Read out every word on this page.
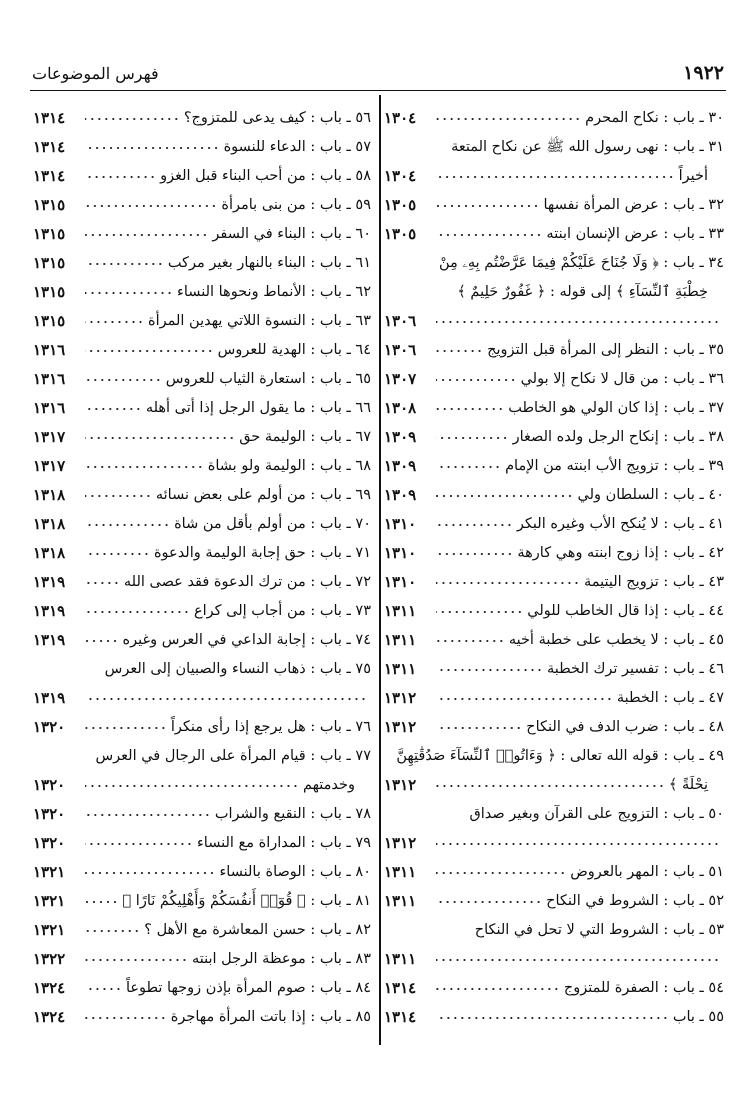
١٩٢٢
فهرس الموضوعات
٣٠ ـ باب : نكاح المحرم
١٣٠٤
٣١ ـ باب : نهى رسول الله ﷺ عن نكاح المتعة
أخيراً
١٣٠٤
٣٢ ـ باب : عرض المرأة نفسها
١٣٠٥
٣٣ ـ باب : عرض الإنسان ابنته
١٣٠٥
٣٤ ـ باب : ﴿ وَلَا جُنَاحَ عَلَيْكُمْ فِيمَا عَرَّضْتُم بِهِۦ مِنْ
خِطْبَةِ ٱلنِّسَآءِ ﴾ إلى قوله : ﴿ غَفُورٌ حَلِيمٌ ﴾
١٣٠٦
٣٥ ـ باب : النظر إلى المرأة قبل التزويج
١٣٠٦
٣٦ ـ باب : من قال لا نكاح إلا بولي
١٣٠٧
٣٧ ـ باب : إذا كان الولي هو الخاطب
١٣٠٨
٣٨ ـ باب : إنكاح الرجل ولده الصغار
١٣٠٩
٣٩ ـ باب : تزويج الأب ابنته من الإمام
١٣٠٩
٤٠ ـ باب : السلطان ولي
١٣٠٩
٤١ ـ باب : لا يُنكح الأب وغيره البكر
١٣١٠
٤٢ ـ باب : إذا زوج ابنته وهي كارهة
١٣١٠
٤٣ ـ باب : تزويج اليتيمة
١٣١٠
٤٤ ـ باب : إذا قال الخاطب للولي
١٣١١
٤٥ ـ باب : لا يخطب على خطبة أخيه
١٣١١
٤٦ ـ باب : تفسير ترك الخطبة
١٣١١
٤٧ ـ باب : الخطبة
١٣١٢
٤٨ ـ باب : ضرب الدف في النكاح
١٣١٢
٤٩ ـ باب : قوله الله تعالى : ﴿ وَءَاتُوا۟ ٱلنِّسَآءَ صَدُقَٰتِهِنَّ
نِحْلَةً ﴾
١٣١٢
٥٠ ـ باب : التزويج على القرآن وبغير صداق
١٣١٢
٥١ ـ باب : المهر بالعروض
١٣١١
٥٢ ـ باب : الشروط في النكاح
١٣١١
٥٣ ـ باب : الشروط التي لا تحل في النكاح
١٣١١
٥٤ ـ باب : الصفرة للمتزوج
١٣١٤
٥٥ ـ باب
١٣١٤
٥٦ ـ باب : كيف يدعى للمتزوج؟
١٣١٤
٥٧ ـ باب : الدعاء للنسوة
١٣١٤
٥٨ ـ باب : من أحب البناء قبل الغزو
١٣١٤
٥٩ ـ باب : من بنى بامرأة
١٣١٥
٦٠ ـ باب : البناء في السفر
١٣١٥
٦١ ـ باب : البناء بالنهار بغير مركب
١٣١٥
٦٢ ـ باب : الأنماط ونحوها النساء
١٣١٥
٦٣ ـ باب : النسوة اللاتي يهدين المرأة
١٣١٥
٦٤ ـ باب : الهدية للعروس
١٣١٦
٦٥ ـ باب : استعارة الثياب للعروس
١٣١٦
٦٦ ـ باب : ما يقول الرجل إذا أتى أهله
١٣١٦
٦٧ ـ باب : الوليمة حق
١٣١٧
٦٨ ـ باب : الوليمة ولو بشاة
١٣١٧
٦٩ ـ باب : من أولم على بعض نسائه
١٣١٨
٧٠ ـ باب : من أولم بأقل من شاة
١٣١٨
٧١ ـ باب : حق إجابة الوليمة والدعوة
١٣١٨
٧٢ ـ باب : من ترك الدعوة فقد عصى الله
١٣١٩
٧٣ ـ باب : من أجاب إلى كراع
١٣١٩
٧٤ ـ باب : إجابة الداعي في العرس وغيره
١٣١٩
٧٥ ـ باب : ذهاب النساء والصبيان إلى العرس
١٣١٩
٧٦ ـ باب : هل يرجع إذا رأى منكراً
١٣٢٠
٧٧ ـ باب : قيام المرأة على الرجال في العرس
وخدمتهم
١٣٢٠
٧٨ ـ باب : النقيع والشراب
١٣٢٠
٧٩ ـ باب : المداراة مع النساء
١٣٢٠
٨٠ ـ باب : الوصاة بالنساء
١٣٢١
٨١ ـ باب : ﴿ قُوٓا۟ أَنفُسَكُمْ وَأَهْلِيكُمْ نَارًا ﴾
١٣٢١
٨٢ ـ باب : حسن المعاشرة مع الأهل ؟
١٣٢١
٨٣ ـ باب : موعظة الرجل ابنته
١٣٢٢
٨٤ ـ باب : صوم المرأة بإذن زوجها تطوعاً
١٣٢٤
٨٥ ـ باب : إذا باتت المرأة مهاجرة
١٣٢٤
